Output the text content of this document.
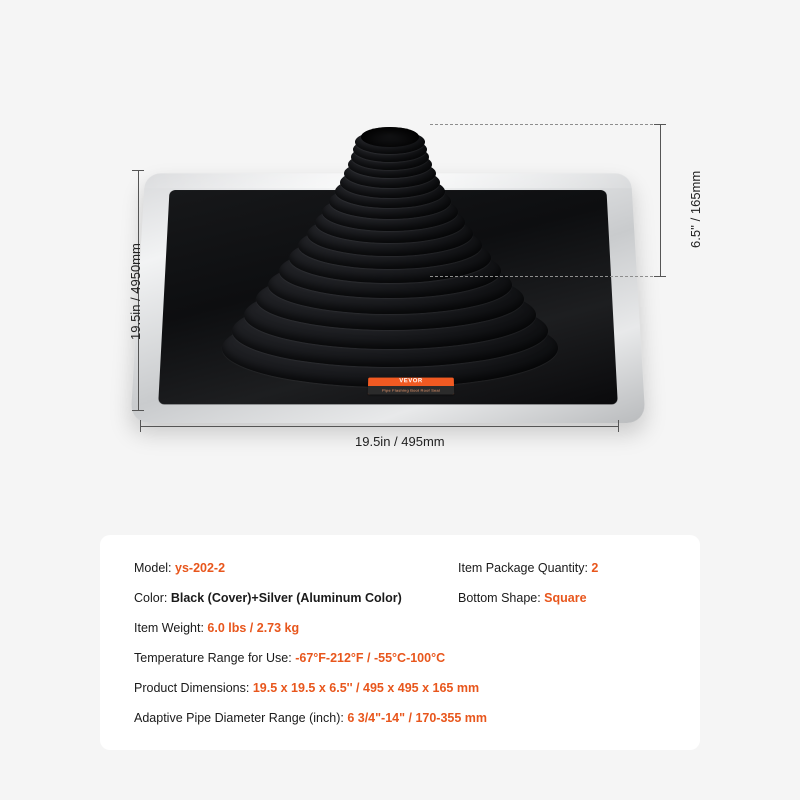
VEVOR
Pipe Flashing Boot Roof Seal
6.5'' / 165mm
19.5in / 4950mm
19.5in / 495mm
Model: ys-202-2
Color: Black (Cover)+Silver (Aluminum Color)
Item Weight: 6.0 lbs / 2.73 kg
Temperature Range for Use: -67°F-212°F / -55°C-100°C
Product Dimensions: 19.5 x 19.5 x 6.5'' / 495 x 495 x 165 mm
Adaptive Pipe Diameter Range (inch): 6 3/4"-14" / 170-355 mm
Item Package Quantity: 2
Bottom Shape: Square
